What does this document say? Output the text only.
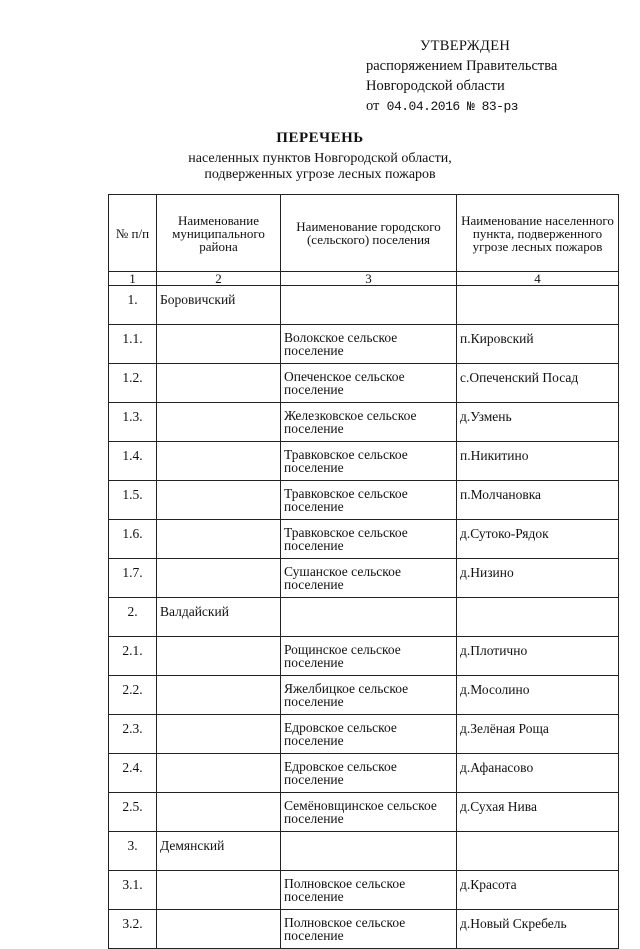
УТВЕРЖДЕН
распоряжением Правительства
Новгородской области
от 04.04.2016 № 83-рз
ПЕРЕЧЕНЬ
населенных пунктов Новгородской области,
подверженных угрозе лесных пожаров
№ п/п	Наименование муниципального района	Наименование городского (сельского) поселения	Наименование населенного пункта, подверженного угрозе лесных пожаров
1	2	3	4
1.	Боровичский		
1.1.		Волокское сельское поселение	п.Кировский
1.2.		Опеченское сельское поселение	с.Опеченский Посад
1.3.		Железковское сельское поселение	д.Узмень
1.4.		Травковское сельское поселение	п.Никитино
1.5.		Травковское сельское поселение	п.Молчановка
1.6.		Травковское сельское поселение	д.Сутоко-Рядок
1.7.		Сушанское сельское поселение	д.Низино
2.	Валдайский		
2.1.		Рощинское сельское поселение	д.Плотично
2.2.		Яжелбицкое сельское поселение	д.Мосолино
2.3.		Едровское сельское поселение	д.Зелёная Роща
2.4.		Едровское сельское поселение	д.Афанасово
2.5.		Семёновщинское сельское поселение	д.Сухая Нива
3.	Демянский		
3.1.		Полновское сельское поселение	д.Красота
3.2.		Полновское сельское поселение	д.Новый Скребель
